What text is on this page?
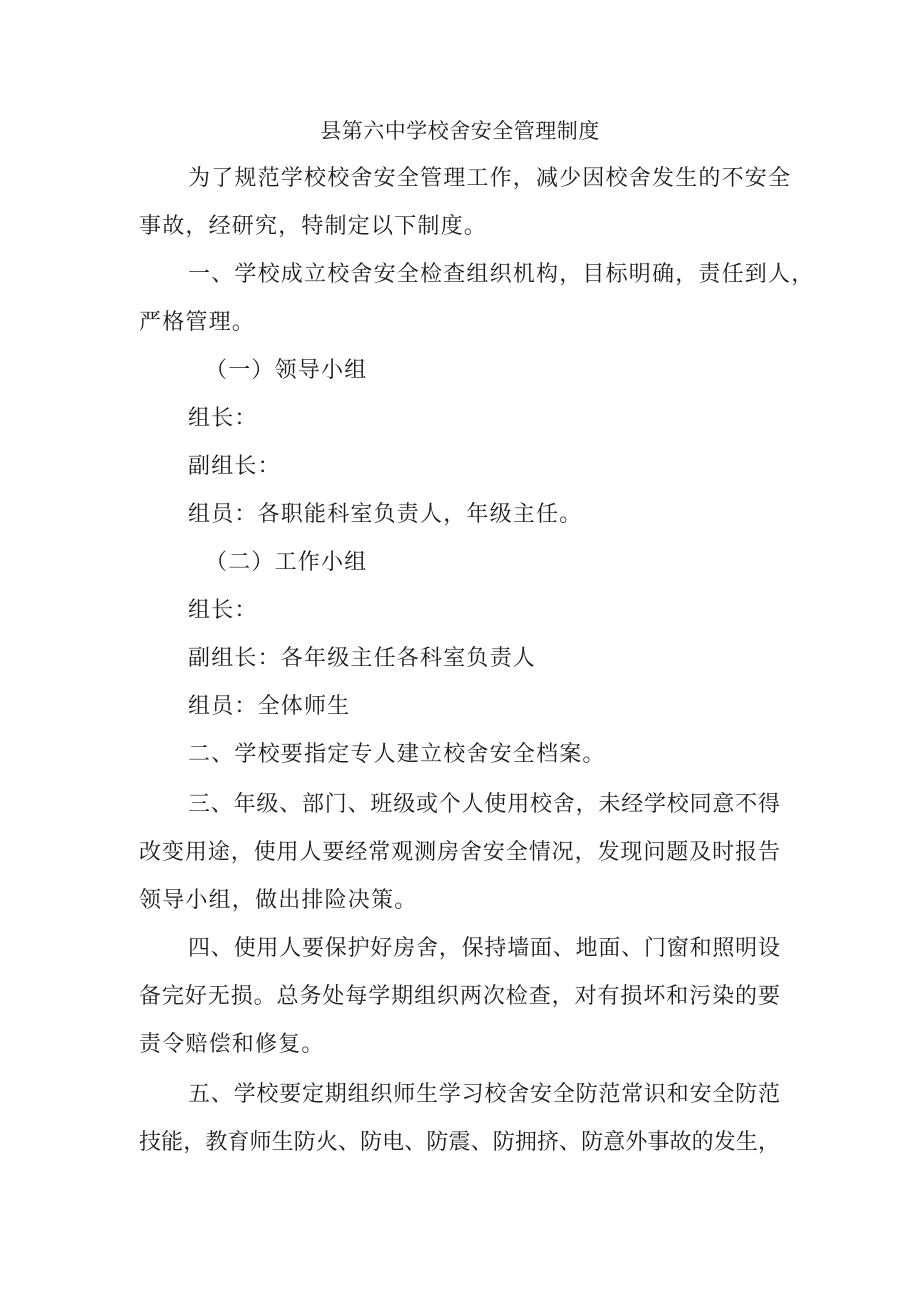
县第六中学校舍安全管理制度
为了规范学校校舍安全管理工作，减少因校舍发生的不安全
事故，经研究，特制定以下制度。
一、学校成立校舍安全检查组织机构，目标明确，责任到人，
严格管理。
（一）领导小组
组长：
副组长：
组员：各职能科室负责人，年级主任。
（二）工作小组
组长：
副组长：各年级主任各科室负责人
组员：全体师生
二、学校要指定专人建立校舍安全档案。
三、年级、部门、班级或个人使用校舍，未经学校同意不得
改变用途，使用人要经常观测房舍安全情况，发现问题及时报告
领导小组，做出排险决策。
四、使用人要保护好房舍，保持墙面、地面、门窗和照明设
备完好无损。总务处每学期组织两次检查，对有损坏和污染的要
责令赔偿和修复。
五、学校要定期组织师生学习校舍安全防范常识和安全防范
技能，教育师生防火、防电、防震、防拥挤、防意外事故的发生，
